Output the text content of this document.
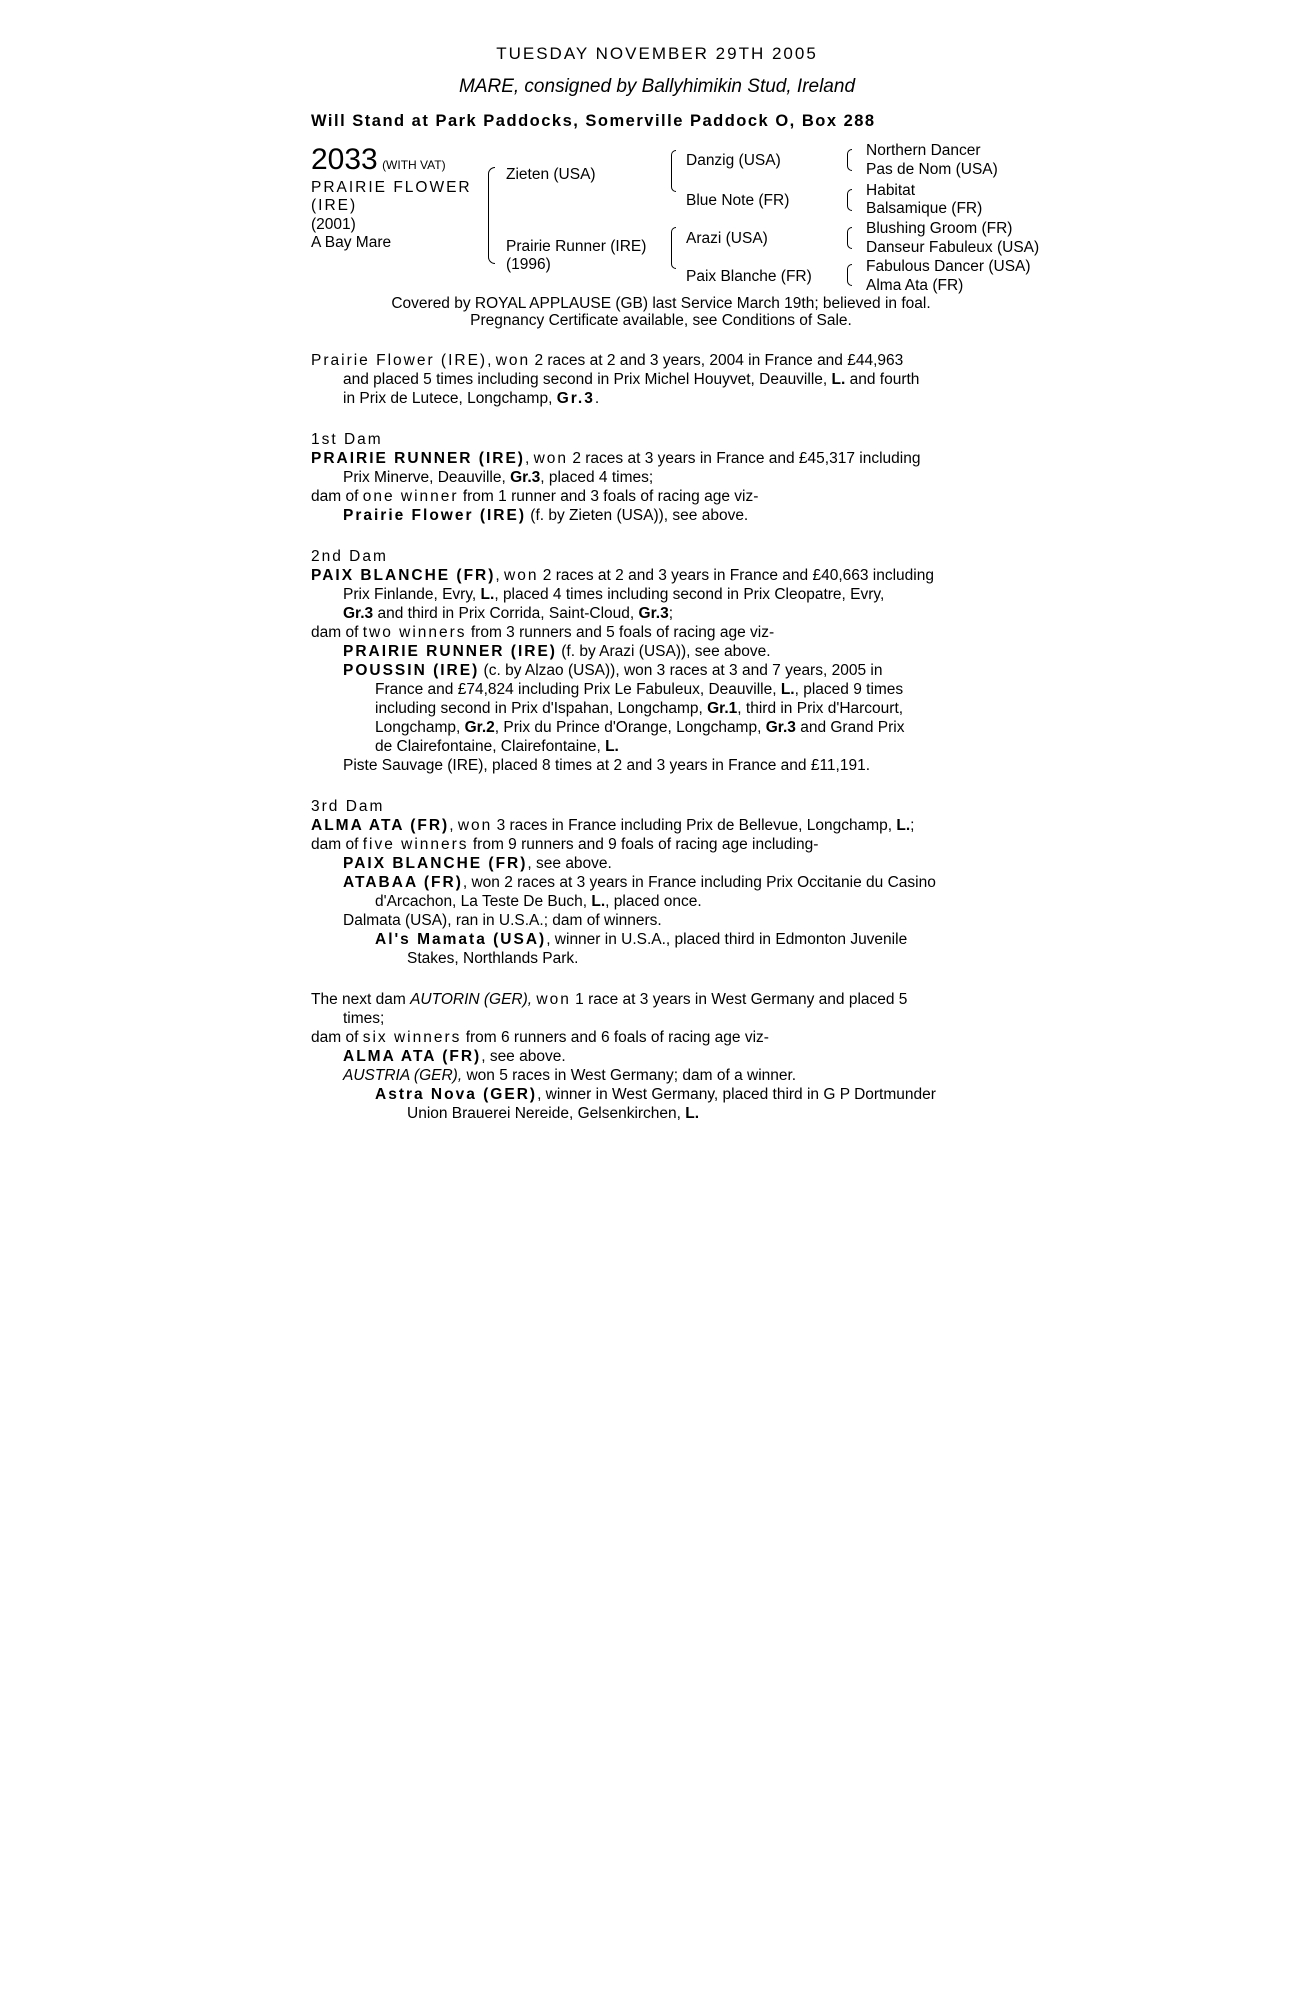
TUESDAY NOVEMBER 29TH 2005
MARE, consigned by Ballyhimikin Stud, Ireland
Will Stand at Park Paddocks, Somerville Paddock O, Box 288
2033 (WITH VAT)
PRAIRIE FLOWER
(IRE)
(2001)
A Bay Mare
Zieten (USA)
Prairie Runner (IRE)
(1996)
Danzig (USA)
Blue Note (FR)
Arazi (USA)
Paix Blanche (FR)
Northern Dancer
Pas de Nom (USA)
Habitat
Balsamique (FR)
Blushing Groom (FR)
Danseur Fabuleux (USA)
Fabulous Dancer (USA)
Alma Ata (FR)
Covered by ROYAL APPLAUSE (GB) last Service March 19th; believed in foal.
Pregnancy Certificate available, see Conditions of Sale.

Prairie Flower (IRE), won 2 races at 2 and 3 years, 2004 in France and £44,963

and placed 5 times including second in Prix Michel Houyvet, Deauville, L. and fourth

in Prix de Lutece, Longchamp, Gr.3.

1st Dam

PRAIRIE RUNNER (IRE), won 2 races at 3 years in France and £45,317 including

Prix Minerve, Deauville, Gr.3, placed 4 times;

dam of one winner from 1 runner and 3 foals of racing age viz-

Prairie Flower (IRE) (f. by Zieten (USA)), see above.

2nd Dam

PAIX BLANCHE (FR), won 2 races at 2 and 3 years in France and £40,663 including

Prix Finlande, Evry, L., placed 4 times including second in Prix Cleopatre, Evry,

Gr.3 and third in Prix Corrida, Saint-Cloud, Gr.3;

dam of two winners from 3 runners and 5 foals of racing age viz-

PRAIRIE RUNNER (IRE) (f. by Arazi (USA)), see above.

POUSSIN (IRE) (c. by Alzao (USA)), won 3 races at 3 and 7 years, 2005 in

France and £74,824 including Prix Le Fabuleux, Deauville, L., placed 9 times

including second in Prix d'Ispahan, Longchamp, Gr.1, third in Prix d'Harcourt,

Longchamp, Gr.2, Prix du Prince d'Orange, Longchamp, Gr.3 and Grand Prix

de Clairefontaine, Clairefontaine, L.

Piste Sauvage (IRE), placed 8 times at 2 and 3 years in France and £11,191.

3rd Dam

ALMA ATA (FR), won 3 races in France including Prix de Bellevue, Longchamp, L.;

dam of five winners from 9 runners and 9 foals of racing age including-

PAIX BLANCHE (FR), see above.

ATABAA (FR), won 2 races at 3 years in France including Prix Occitanie du Casino

d'Arcachon, La Teste De Buch, L., placed once.

Dalmata (USA), ran in U.S.A.; dam of winners.

Al's Mamata (USA), winner in U.S.A., placed third in Edmonton Juvenile

Stakes, Northlands Park.

The next dam AUTORIN (GER), won 1 race at 3 years in West Germany and placed 5

times;

dam of six winners from 6 runners and 6 foals of racing age viz-

ALMA ATA (FR), see above.

AUSTRIA (GER), won 5 races in West Germany; dam of a winner.

Astra Nova (GER), winner in West Germany, placed third in G P Dortmunder

Union Brauerei Nereide, Gelsenkirchen, L.
